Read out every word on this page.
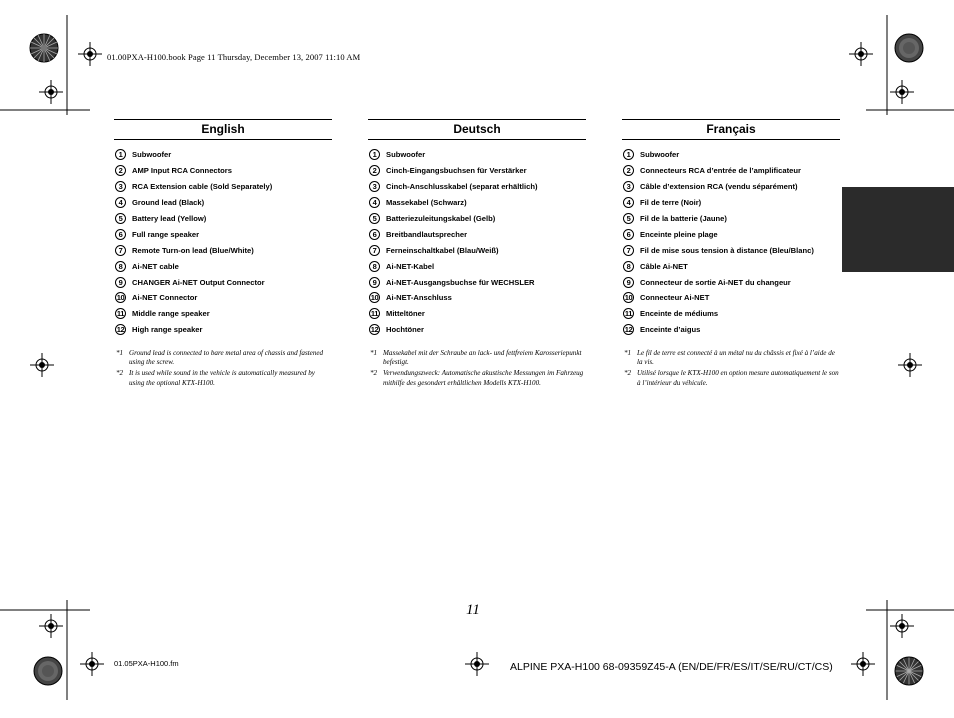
01.00PXA-H100.book Page 11 Thursday, December 13, 2007 11:10 AM
English
1	Subwoofer
2	AMP Input RCA Connectors
3	RCA Extension cable (Sold Separately)
4	Ground lead (Black)
5	Battery lead (Yellow)
6	Full range speaker
7	Remote Turn-on lead (Blue/White)
8	Ai-NET cable
9	CHANGER Ai-NET Output Connector
10 Ai-NET Connector
11 Middle range speaker
12 High range speaker
*1 Ground lead is connected to bare metal area of chassis and fastened using the screw.
*2 It is used while sound in the vehicle is automatically measured by using the optional KTX-H100.
Deutsch
1	Subwoofer
2	Cinch-Eingangsbuchsen für Verstärker
3	Cinch-Anschlusskabel (separat erhältlich)
4	Massekabel (Schwarz)
5	Batteriezuleitungskabel (Gelb)
6	Breitbandlautsprecher
7	Ferneinschaltkabel (Blau/Weiß)
8	Ai-NET-Kabel
9	Ai-NET-Ausgangsbuchse für WECHSLER
10 Ai-NET-Anschluss
11 Mitteltöner
12 Hochtöner
*1 Massekabel mit der Schraube an lack- und fettfreiem Karosseriepunkt befestigt.
*2 Verwendungszweck: Automatische akustische Messungen im Fahrzeug mithilfe des gesondert erhältlichen Modells KTX-H100.
Français
1	Subwoofer
2	Connecteurs RCA d’entrée de l’amplificateur
3	Câble d’extension RCA (vendu séparément)
4	Fil de terre (Noir)
5	Fil de la batterie (Jaune)
6	Enceinte pleine plage
7	Fil de mise sous tension à distance (Bleu/Blanc)
8	Câble Ai-NET
9	Connecteur de sortie Ai-NET du changeur
10 Connecteur Ai-NET
11 Enceinte de médiums
12 Enceinte d’aigus
*1 Le fil de terre est connecté à un métal nu du châssis et fixé à l’aide de la vis.
*2 Utilisé lorsque le KTX-H100 en option mesure automatiquement le son à l’intérieur du véhicule.
11
01.05PXA-H100.fm	ALPINE PXA-H100 68-09359Z45-A (EN/DE/FR/ES/IT/SE/RU/CT/CS)
